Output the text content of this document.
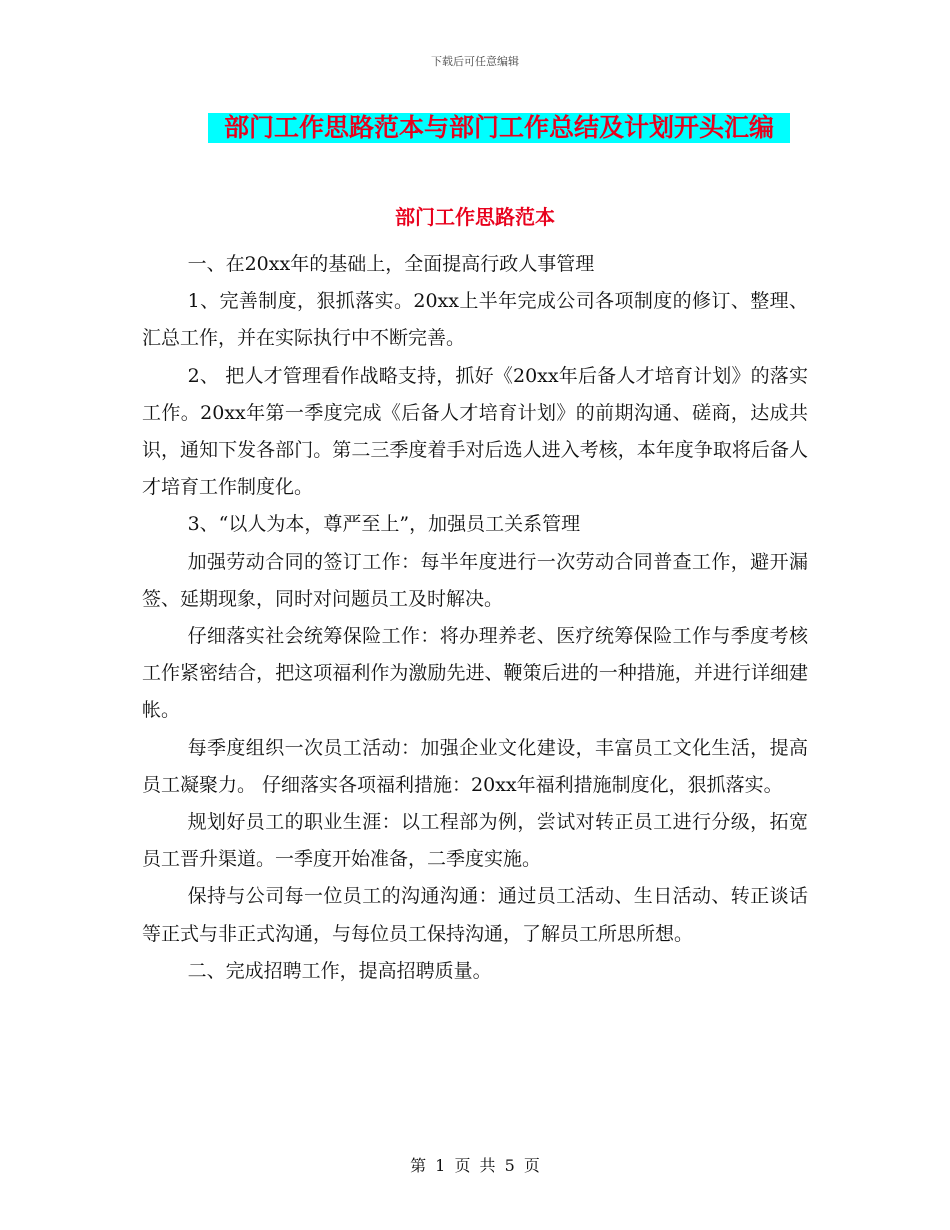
下载后可任意编辑
部门工作思路范本与部门工作总结及计划开头汇编
部门工作思路范本

一、在20xx年的基础上，全面提高行政人事管理

1、完善制度，狠抓落实。20xx上半年完成公司各项制度的修订、整理、汇总工作，并在实际执行中不断完善。

2、 把人才管理看作战略支持，抓好《20xx年后备人才培育计划》的落实工作。20xx年第一季度完成《后备人才培育计划》的前期沟通、磋商，达成共识，通知下发各部门。第二三季度着手对后选人进入考核，本年度争取将后备人才培育工作制度化。

3、“以人为本，尊严至上”，加强员工关系管理

加强劳动合同的签订工作：每半年度进行一次劳动合同普查工作，避开漏签、延期现象，同时对问题员工及时解决。

仔细落实社会统筹保险工作：将办理养老、医疗统筹保险工作与季度考核工作紧密结合，把这项福利作为激励先进、鞭策后进的一种措施，并进行详细建帐。

每季度组织一次员工活动：加强企业文化建设，丰富员工文化生活，提高员工凝聚力。 仔细落实各项福利措施：20xx年福利措施制度化，狠抓落实。

规划好员工的职业生涯：以工程部为例，尝试对转正员工进行分级，拓宽员工晋升渠道。一季度开始准备，二季度实施。

保持与公司每一位员工的沟通沟通：通过员工活动、生日活动、转正谈话等正式与非正式沟通，与每位员工保持沟通，了解员工所思所想。

二、完成招聘工作，提高招聘质量。

第 1 页 共 5 页
